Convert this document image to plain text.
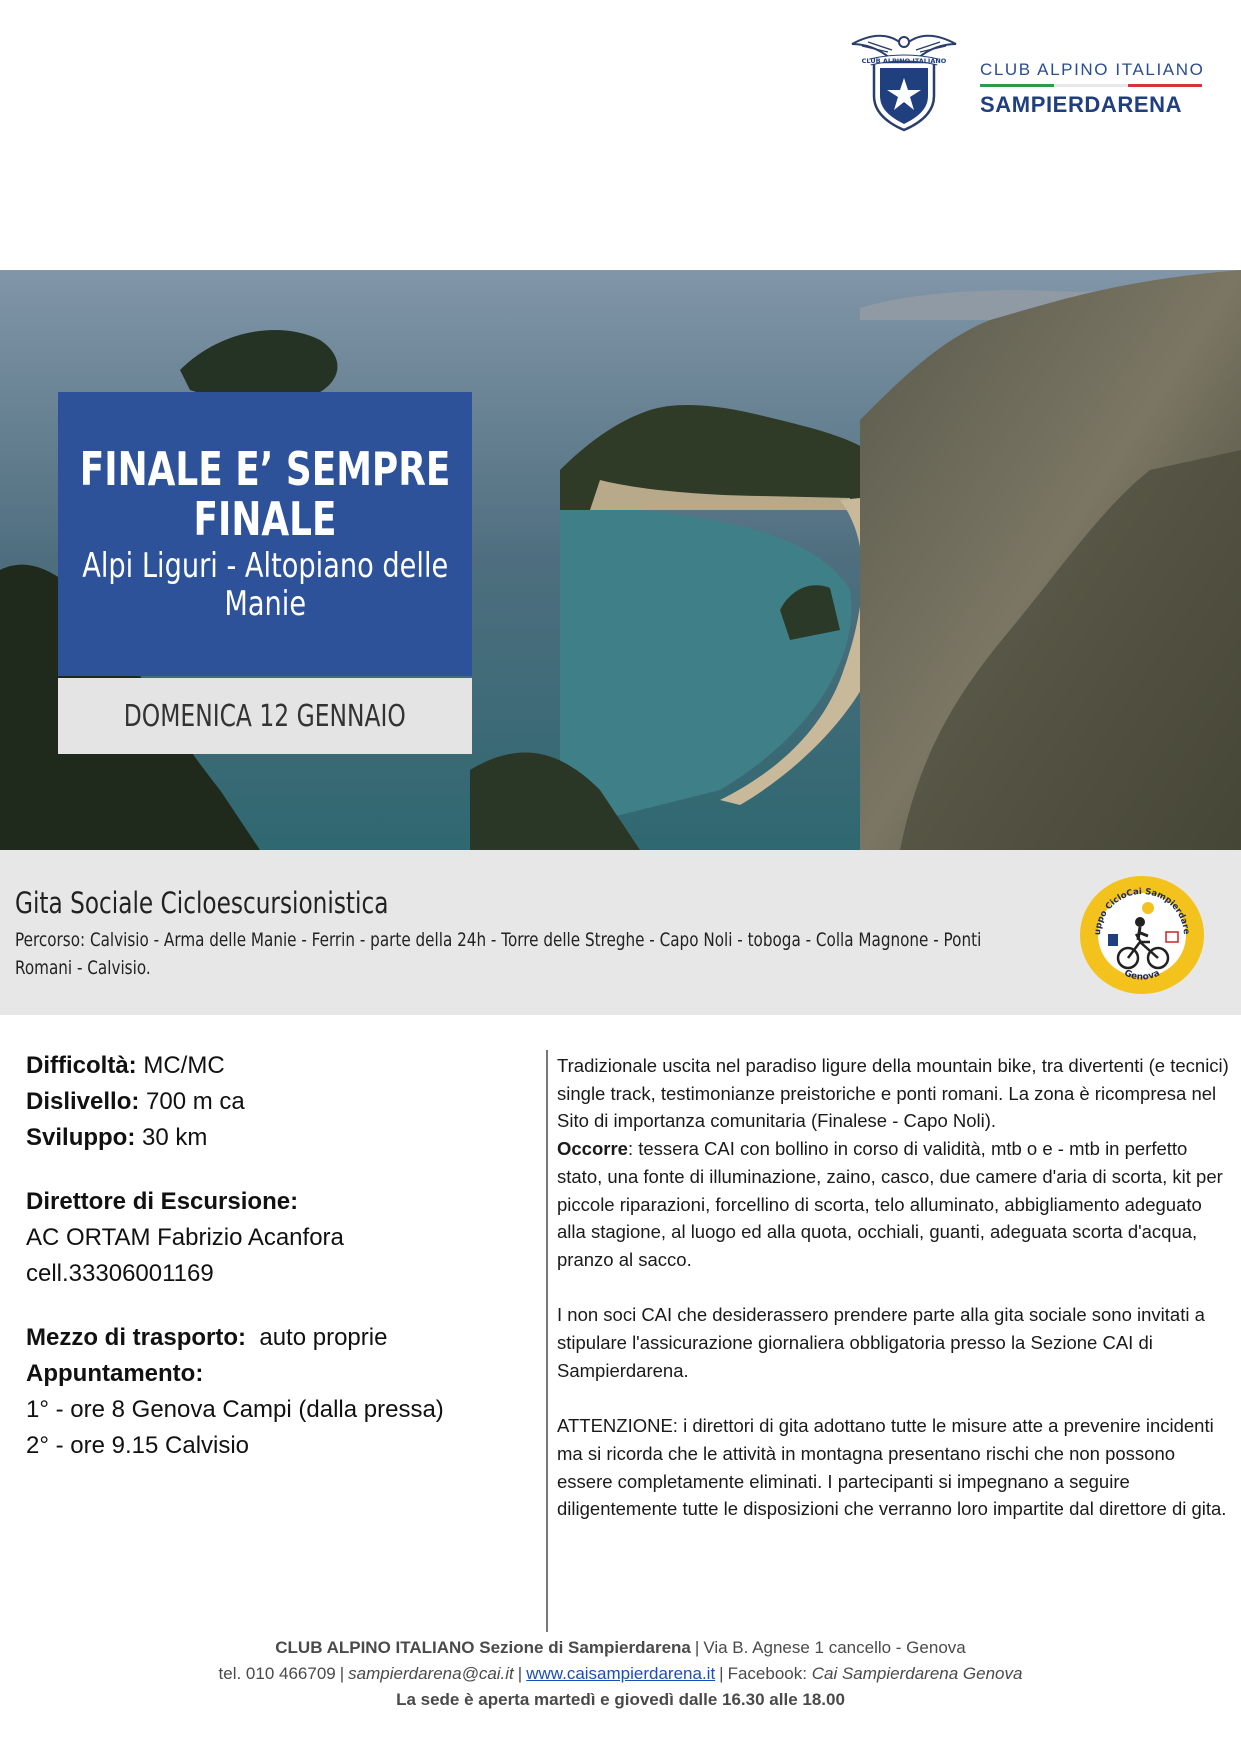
CLUB ALPINO ITALIANO CLUB ALPINO ITALIANO
SAMPIERDARENA
FINALE E’ SEMPRE FINALE
Alpi Liguri - Altopiano delle Manie
DOMENICA 12 GENNAIO
Gita Sociale Cicloescursionistica
Percorso: Calvisio - Arma delle Manie - Ferrin - parte della 24h - Torre delle Streghe - Capo Noli - toboga - Colla Magnone - Ponti Romani - Calvisio.
uppo CicloCai Sampierdare
Genova
Difficoltà: MC/MC
Dislivello: 700 m ca
Sviluppo: 30 km
Direttore di Escursione:
AC ORTAM Fabrizio Acanfora
cell.33306001169
Mezzo di trasporto: auto proprie
Appuntamento:
1° - ore 8 Genova Campi (dalla pressa)
2° - ore 9.15 Calvisio

Tradizionale uscita nel paradiso ligure della mountain bike, tra divertenti (e tecnici) single track, testimonianze preistoriche e ponti romani. La zona è ricompresa nel Sito di importanza comunitaria (Finalese - Capo Noli).

Occorre: tessera CAI con bollino in corso di validità, mtb o e - mtb in perfetto stato, una fonte di illuminazione, zaino, casco, due camere d'aria di scorta, kit per piccole riparazioni, forcellino di scorta, telo alluminato, abbigliamento adeguato alla stagione, al luogo ed alla quota, occhiali, guanti, adeguata scorta d'acqua, pranzo al sacco.

I non soci CAI che desiderassero prendere parte alla gita sociale sono invitati a stipulare l'assicurazione giornaliera obbligatoria presso la Sezione CAI di Sampierdarena.

ATTENZIONE: i direttori di gita adottano tutte le misure atte a prevenire incidenti ma si ricorda che le attività in montagna presentano rischi che non possono essere completamente eliminati. I partecipanti si impegnano a seguire diligentemente tutte le disposizioni che verranno loro impartite dal direttore di gita.

CLUB ALPINO ITALIANO Sezione di Sampierdarena | Via B. Agnese 1 cancello - Genova
tel. 010 466709 | sampierdarena@cai.it | www.caisampierdarena.it | Facebook: Cai Sampierdarena Genova
La sede è aperta martedì e giovedì dalle 16.30 alle 18.00
